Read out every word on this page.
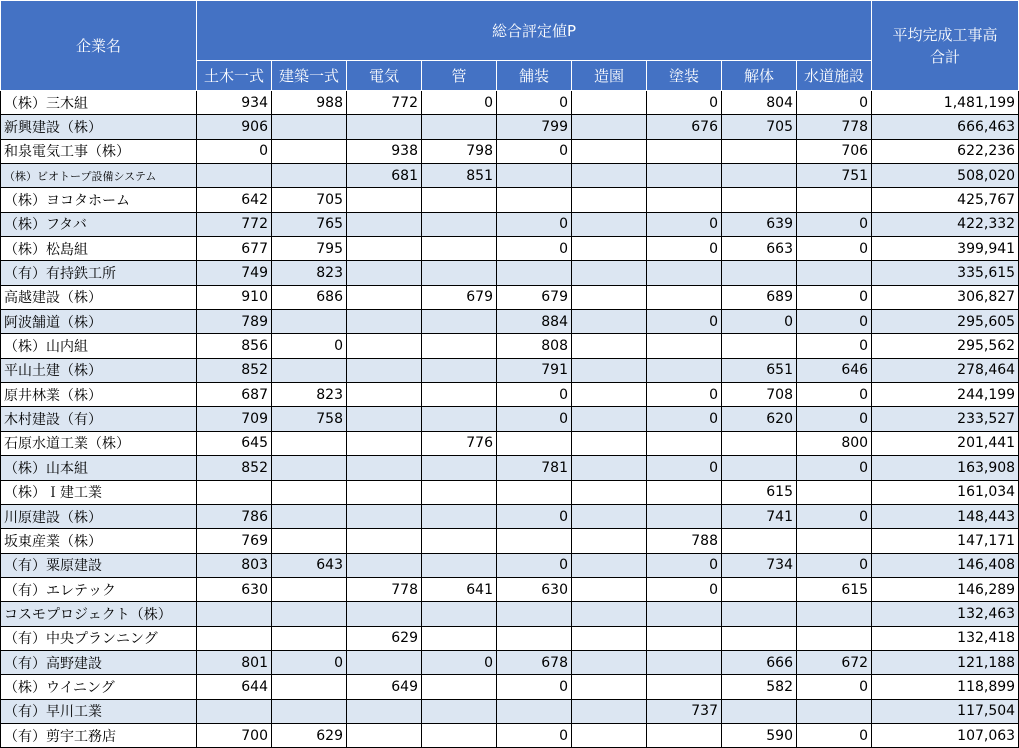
企業名	総合評定値P									平均完成工事高
合計
	土木一式	建築一式	電気	管	舗装	造園	塗装	解体	水道施設	
（株）三木組	934	988	772	0	0		0	804	0	1,481,199
新興建設（株）	906				799		676	705	778	666,463
和泉電気工事（株）	0		938	798	0				706	622,236
（株）ビオトープ設備システム			681	851					751	508,020
（株）ヨコタホーム	642	705								425,767
（株）フタバ	772	765			0		0	639	0	422,332
（株）松島組	677	795			0		0	663	0	399,941
（有）有持鉄工所	749	823								335,615
高越建設（株）	910	686		679	679			689	0	306,827
阿波舗道（株）	789				884		0	0	0	295,605
（株）山内組	856	0			808				0	295,562
平山土建（株）	852				791			651	646	278,464
原井林業（株）	687	823			0		0	708	0	244,199
木村建設（有）	709	758			0		0	620	0	233,527
石原水道工業（株）	645			776					800	201,441
（株）山本組	852				781		0		0	163,908
（株）Ｉ建工業								615		161,034
川原建設（株）	786				0			741	0	148,443
坂東産業（株）	769						788			147,171
（有）粟原建設	803	643			0		0	734	0	146,408
（有）エレテック	630		778	641	630		0		615	146,289
コスモプロジェクト（株）										132,463
（有）中央プランニング			629							132,418
（有）高野建設	801	0		0	678			666	672	121,188
（株）ウイニング	644		649		0			582	0	118,899
（有）早川工業							737			117,504
（有）剪宇工務店	700	629			0			590	0	107,063
